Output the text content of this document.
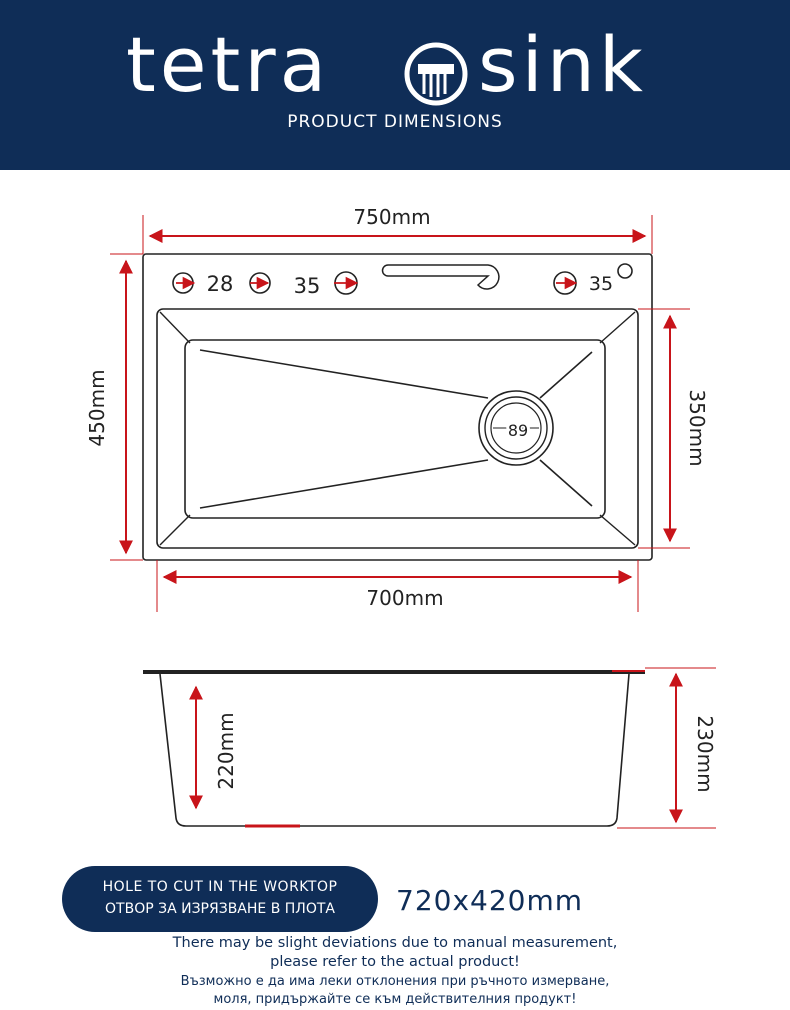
tetra sink
PRODUCT DIMENSIONS
89
28	35	35
750mm
450mm
700mm
350mm
220mm	230mm
HOLE TO CUT IN THE WORKTOP
ОТВОР ЗА ИЗРЯЗВАНЕ В ПЛОТА	720x420mm
There may be slight deviations due to manual measurement,
please refer to the actual product!
Възможно е да има леки отклонения при ръчното измерване,
моля, придържайте се към действителния продукт!
